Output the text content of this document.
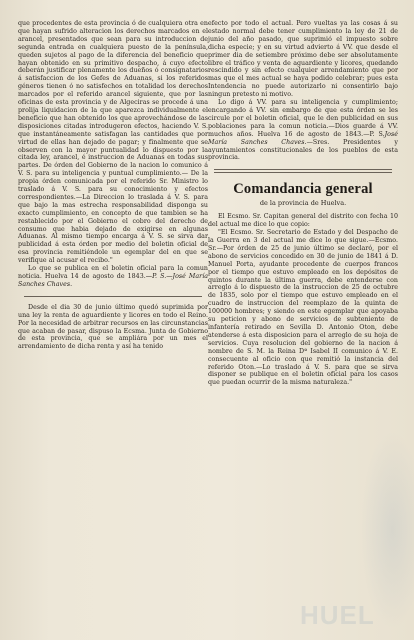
HUEL

que procedentes de esta provincia ó de cualquiera otra en que hayan sufrido alteracion los derechos marcados en el arancel, presentados que sean para su introduccion de segunda entrada en cualquiera puesto de la península, queden sujetos al pago de la diferencia del beneficio que hayan obtenido en su primitivo despacho, á cuyo efecto deberán justificar plenamente los dueños ó consignatarios á satisfaccion de los Gefes de Aduanas, si los referidos géneros tienen ó no satisfechos en totalidad los derechos marcados por el referido arancel siguiente, que por las oficinas de esta provincia y de Algeciras se procede á una prolija liquidacion de la que aparezca individualmente el beneficio que han obtenido los que aprovechándose de las disposiciones citadas introdugeron efectos, haciendo V. S. que instantáneamente satisfagan las cantidades que por virtud de ellas han dejado de pagar; y finalmente que se observen con la mayor puntualidad lo dispuesto por la citada ley, arancel, é instruccion de Aduanas en todas sus partes. De órden del Gobierno de la nacion lo comunico á V. S. para su inteligencia y puntual cumplimiento.— De la propia órden comunicada por el referido Sr. Ministro lo traslado á V. S. para su conocimiento y efectos correspondientes.—La Direccion lo traslada á V. S. para que bajo la mas estrecha responsabilidad disponga su exacto cumplimiento, en concepto de que tambien se ha restablecido por el Gobierno el cobro del derecho de consumo que habia dejado de exigirse en algunas Aduanas. Al mismo tiempo encarga á V. S. se sirva dar publicidad á esta órden por medio del boletin oficial de esa provincia remitiéndole un egemplar del en que se verifique al acusar el recibo."

Lo que se publica en el boletin oficial para la comun noticia. Huelva 14 de agosto de 1843.—P. S.—José María Sanches Chaves.

Desde el dia 30 de junio último quedó suprimida por una ley la renta de aguardiente y licores en todo el Reino. Por la necesidad de arbitrar recursos en las circunstancias que acaban de pasar, dispuso la Ecsma. Junta de Gobierno de esta provincia, que se ampliára por un mes el arrendamiento de dicha renta y así ha tenido

efecto por todo el actual. Pero vueltas ya las cosas á su estado normal debe tener cumplimiento la ley de 21 de junio del año pasado, que suprimió el impuesto sobre dicha especie; y en su virtud advierto á VV. que desde el primer dia de setiembre próximo debe ser absolutamente libre el tráfico y venta de aguardiente y licores, quedando rescindido y sin efecto cualquier arrendamiento que por mas que el mes actual se haya podido celebrar; pues esta Intendencia no puede autorizarlo ni consentirlo bajo ningun pretesto ni motivo.

Lo digo á VV. para su inteligencia y cumplimiento; encargando á VV. sin embargo de que esta órden se les circule por el boletin oficial, que le den publicidad en sus poblaciones para la comun noticia.—Dios guarde á VV. muchos años. Huelva 16 de agosto de 1843.—P. S.José María Sanches Chaves.—Sres. Presidentes y ayuntamientos constitucionales de los pueblos de esta provincia.

Comandancia general
de la provincia de Huelva.

El Ecsmo. Sr. Capitan general del distrito con fecha 10 del actual me dice lo que copio:

"El Ecsmo. Sr. Secretario de Estado y del Despacho de la Guerra en 3 del actual me dice lo que sigue.—Ecsmo. Sr.—Por órden de 25 de junio último se declaró, por el abono de servicios concedido en 30 de junio de 1841 á D. Manuel Porta, ayudante procedente de cuerpos francos por el tiempo que estuvo empleado en los depósitos de quintos durante la última guerra, debe entenderse con arreglo á lo dispuesto de la instruccion de 25 de octubre de 1835, solo por el tiempo que estuvo empleado en el cuadro de instruccion del reemplazo de la quinta de 100000 hombres; y siendo en este egemplar que apoyaba su peticion y abono de servicios de subteniente de infantería retirado en Sevilla D. Antonio Oton, debe atenderse á esta disposicion para el arreglo de su hoja de servicios. Cuya resolucion del gobierno de la nacion á nombre de S. M. la Reina Dª Isabel II comunico á V. E. consecuente al oficio con que remitió la instancia del referido Oton.—Lo traslado á V. S. para que se sirva disponer se publique en el boletin oficial para los casos que puedan ocurrir de la misma naturaleza."
